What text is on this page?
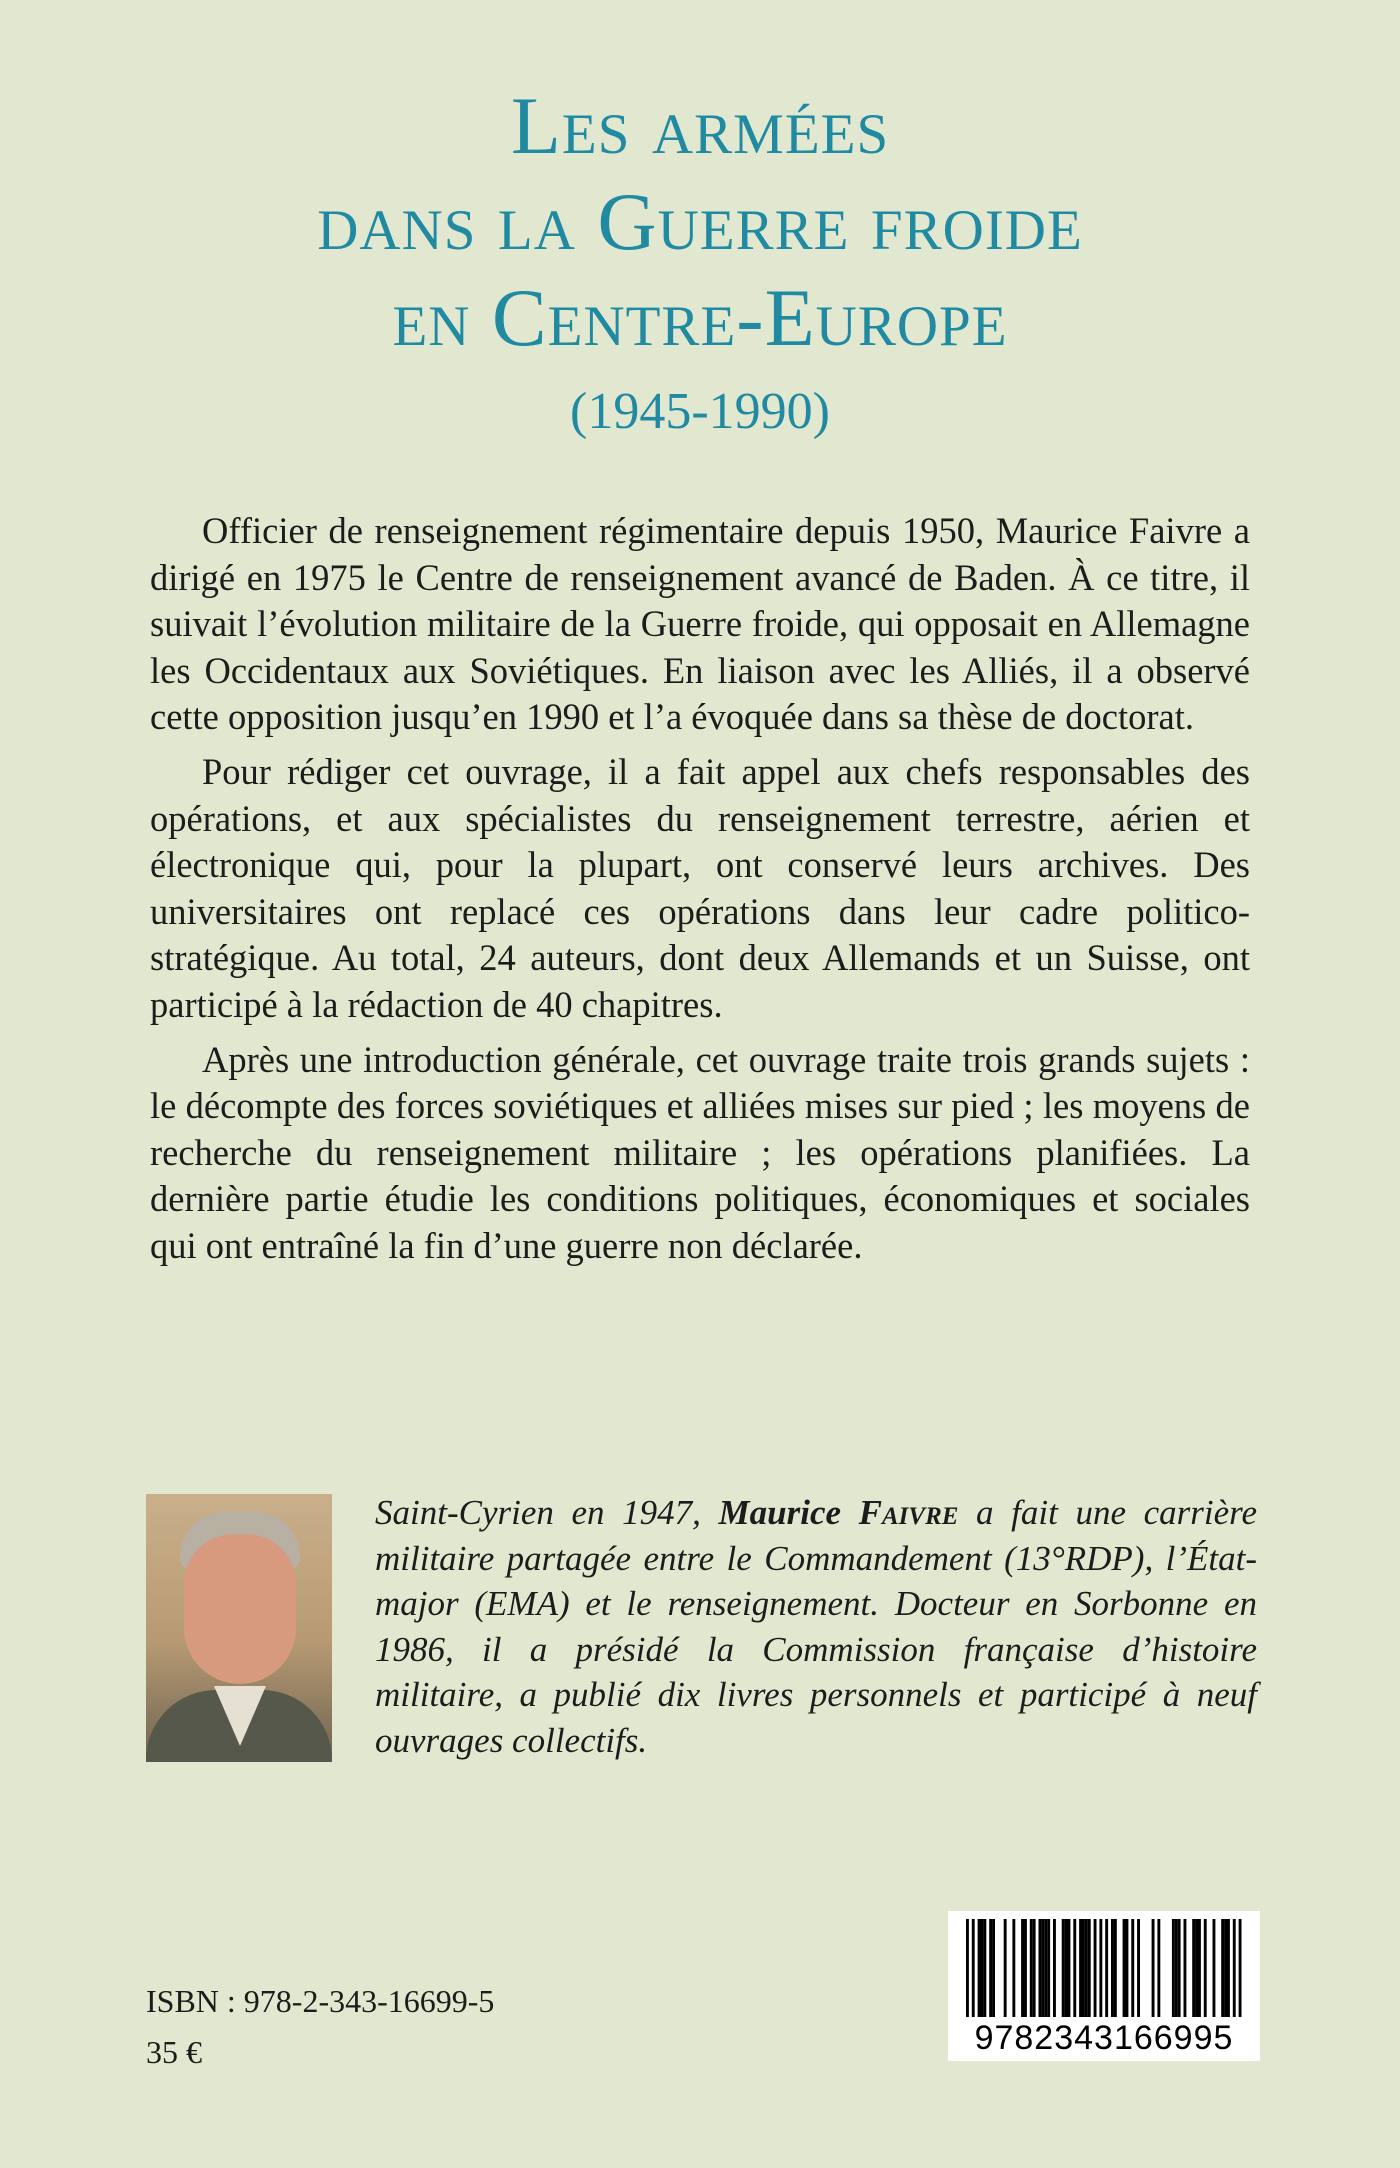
Les armées
dans la Guerre froide
en Centre-Europe
(1945-1990)

Officier de renseignement régimentaire depuis 1950, Maurice Faivre a dirigé en 1975 le Centre de renseignement avancé de Baden. À ce titre, il suivait l’évolution militaire de la Guerre froide, qui opposait en Allemagne les Occidentaux aux Soviétiques. En liaison avec les Alliés, il a observé cette opposition jusqu’en 1990 et l’a évoquée dans sa thèse de doctorat.

Pour rédiger cet ouvrage, il a fait appel aux chefs responsables des opérations, et aux spécialistes du renseignement terrestre, aérien et électronique qui, pour la plupart, ont conservé leurs archives. Des universitaires ont replacé ces opérations dans leur cadre politico-stratégique. Au total, 24 auteurs, dont deux Allemands et un Suisse, ont participé à la rédaction de 40 chapitres.

Après une introduction générale, cet ouvrage traite trois grands sujets : le décompte des forces soviétiques et alliées mises sur pied ; les moyens de recherche du renseignement militaire ; les opérations planifiées. La dernière partie étudie les conditions politiques, économiques et sociales qui ont entraîné la fin d’une guerre non déclarée.

Saint-Cyrien en 1947, Maurice Faivre a fait une carrière militaire partagée entre le Commandement (13°RDP), l’État-major (EMA) et le renseignement. Docteur en Sorbonne en 1986, il a présidé la Commission française d’histoire militaire, a publié dix livres personnels et participé à neuf ouvrages collectifs.
ISBN : 978-2-343-16699-5
35 €	9782343166995
